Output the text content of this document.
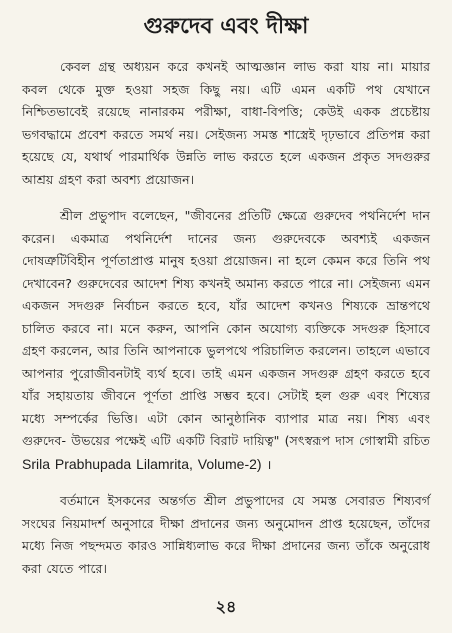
গুরুদেব এবং দীক্ষা

কেবল গ্রন্থ অধ্যয়ন করে কখনই আত্মজ্ঞান লাভ করা যায় না। মায়ার কবল থেকে মুক্ত হওয়া সহজ কিছু নয়। এটি এমন একটি পথ যেখানে নিশ্চিতভাবেই রয়েছে নানারকম পরীক্ষা, বাধা-বিপত্তি; কেউই একক প্রচেষ্টায় ভগবদ্ধামে প্রবেশ করতে সমর্থ নয়। সেইজন্য সমস্ত শাস্ত্রেই দৃঢ়ভাবে প্রতিপন্ন করা হয়েছে যে, যথার্থ পারমার্থিক উন্নতি লাভ করতে হলে একজন প্রকৃত সদগুরুর আশ্রয় গ্রহণ করা অবশ্য প্রয়োজন।

শ্রীল প্রভুপাদ বলেছেন, "জীবনের প্রতিটি ক্ষেত্রে গুরুদেব পথনির্দেশ দান করেন। একমাত্র পথনির্দেশ দানের জন্য গুরুদেবকে অবশ্যই একজন দোষত্রুটিবিহীন পূর্ণতাপ্রাপ্ত মানুষ হওয়া প্রয়োজন। না হলে কেমন করে তিনি পথ দেখাবেন? গুরুদেবের আদেশ শিষ্য কখনই অমান্য করতে পারে না। সেইজন্য এমন একজন সদগুরু নির্বাচন করতে হবে, যাঁর আদেশ কখনও শিষ্যকে ভ্রান্তপথে চালিত করবে না। মনে করুন, আপনি কোন অযোগ্য ব্যক্তিকে সদগুরু হিসাবে গ্রহণ করলেন, আর তিনি আপনাকে ভুলপথে পরিচালিত করলেন। তাহলে এভাবে আপনার পুরোজীবনটাই ব্যর্থ হবে। তাই এমন একজন সদগুরু গ্রহণ করতে হবে যাঁর সহায়তায় জীবনে পূর্ণতা প্রাপ্তি সম্ভব হবে। সেটাই হল গুরু এবং শিষ্যের মধ্যে সম্পর্কের ভিত্তি। এটা কোন আনুষ্ঠানিক ব্যাপার মাত্র নয়। শিষ্য এবং গুরুদেব- উভয়ের পক্ষেই এটি একটি বিরাট দায়িত্ব" (সৎস্বরূপ দাস গোস্বামী রচিত Srila Prabhupada Lilamrita, Volume-2) ।

বর্তমানে ইসকনের অন্তর্গত শ্রীল প্রভুপাদের যে সমস্ত সেবারত শিষ্যবর্গ সংঘের নিয়মাদর্শ অনুসারে দীক্ষা প্রদানের জন্য অনুমোদন প্রাপ্ত হয়েছেন, তাঁদের মধ্যে নিজ পছন্দমত কারও সান্নিধ্যলাভ করে দীক্ষা প্রদানের জন্য তাঁকে অনুরোধ করা যেতে পারে।

২৪
